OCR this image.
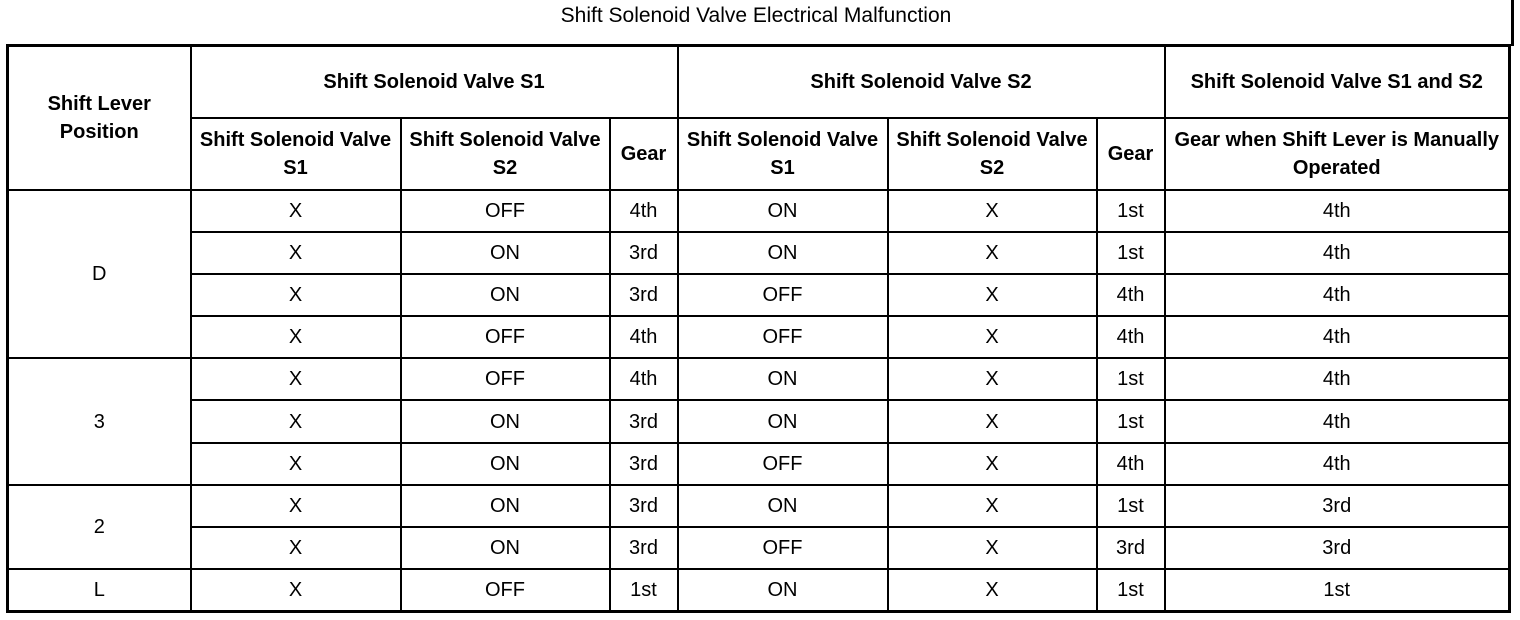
Shift Solenoid Valve Electrical Malfunction
Shift Lever Position	Shift Solenoid Valve S1			Shift Solenoid Valve S2			Shift Solenoid Valve S1 and S2
	Shift Solenoid Valve S1	Shift Solenoid Valve S2	Gear	Shift Solenoid Valve S1	Shift Solenoid Valve S2	Gear	Gear when Shift Lever is Manually Operated
D	X	OFF	4th	ON	X	1st	4th
	X	ON	3rd	ON	X	1st	4th
	X	ON	3rd	OFF	X	4th	4th
	X	OFF	4th	OFF	X	4th	4th
3	X	OFF	4th	ON	X	1st	4th
	X	ON	3rd	ON	X	1st	4th
	X	ON	3rd	OFF	X	4th	4th
2	X	ON	3rd	ON	X	1st	3rd
	X	ON	3rd	OFF	X	3rd	3rd
L	X	OFF	1st	ON	X	1st	1st
